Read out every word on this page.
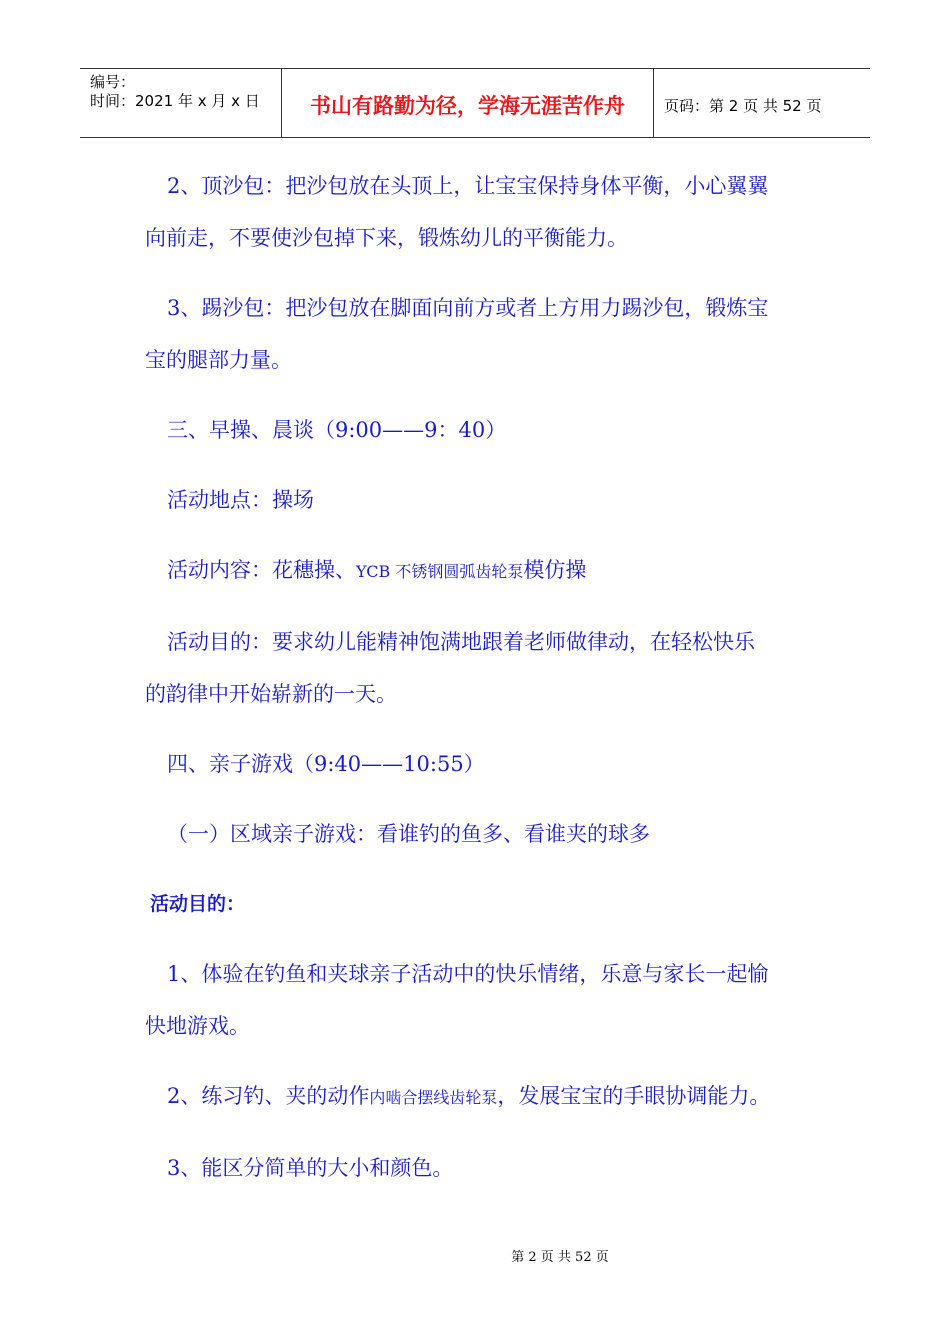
编号：
时间：2021 年 x 月 x 日	书山有路勤为径，学海无涯苦作舟	页码：第 2 页 共 52 页
2、顶沙包：把沙包放在头顶上，让宝宝保持身体平衡，小心翼翼
向前走，不要使沙包掉下来，锻炼幼儿的平衡能力。
3、踢沙包：把沙包放在脚面向前方或者上方用力踢沙包，锻炼宝
宝的腿部力量。
三、早操、晨谈（9:00——9：40）
活动地点：操场
活动内容：花穗操、YCB 不锈钢圆弧齿轮泵模仿操
活动目的：要求幼儿能精神饱满地跟着老师做律动，在轻松快乐
的韵律中开始崭新的一天。
四、亲子游戏（9:40——10:55）
（一）区域亲子游戏：看谁钓的鱼多、看谁夹的球多
活动目的：
1、体验在钓鱼和夹球亲子活动中的快乐情绪，乐意与家长一起愉
快地游戏。
2、练习钓、夹的动作内啮合摆线齿轮泵，发展宝宝的手眼协调能力。
3、能区分简单的大小和颜色。
第 2 页 共 52 页
